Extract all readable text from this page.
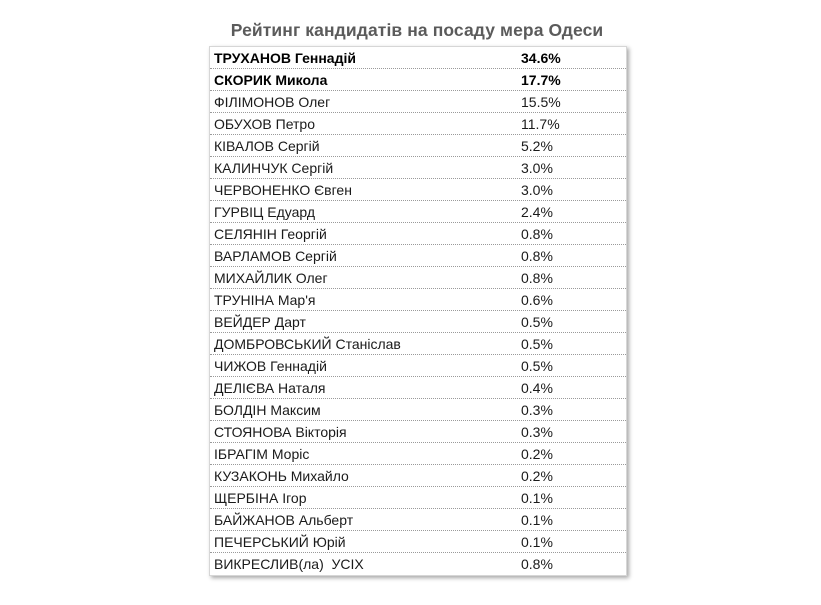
Рейтинг кандидатів на посаду мера Одеси
ТРУХАНОВ Геннадій	34.6%
СКОРИК Микола	17.7%
ФІЛІМОНОВ Олег	15.5%
ОБУХОВ Петро	11.7%
КІВАЛОВ Сергій	5.2%
КАЛИНЧУК Сергій	3.0%
ЧЕРВОНЕНКО Євген	3.0%
ГУРВІЦ Едуард	2.4%
СЕЛЯНІН Георгій	0.8%
ВАРЛАМОВ Сергій	0.8%
МИХАЙЛИК Олег	0.8%
ТРУНІНА Мар'я	0.6%
ВЕЙДЕР Дарт	0.5%
ДОМБРОВСЬКИЙ Станіслав	0.5%
ЧИЖОВ Геннадій	0.5%
ДЕЛІЄВА Наталя	0.4%
БОЛДІН Максим	0.3%
СТОЯНОВА Вікторія	0.3%
ІБРАГІМ Моріс	0.2%
КУЗАКОНЬ Михайло	0.2%
ЩЕРБІНА Ігор	0.1%
БАЙЖАНОВ Альберт	0.1%
ПЕЧЕРСЬКИЙ Юрій	0.1%
ВИКРЕСЛИВ(ла)  УСІХ	0.8%
